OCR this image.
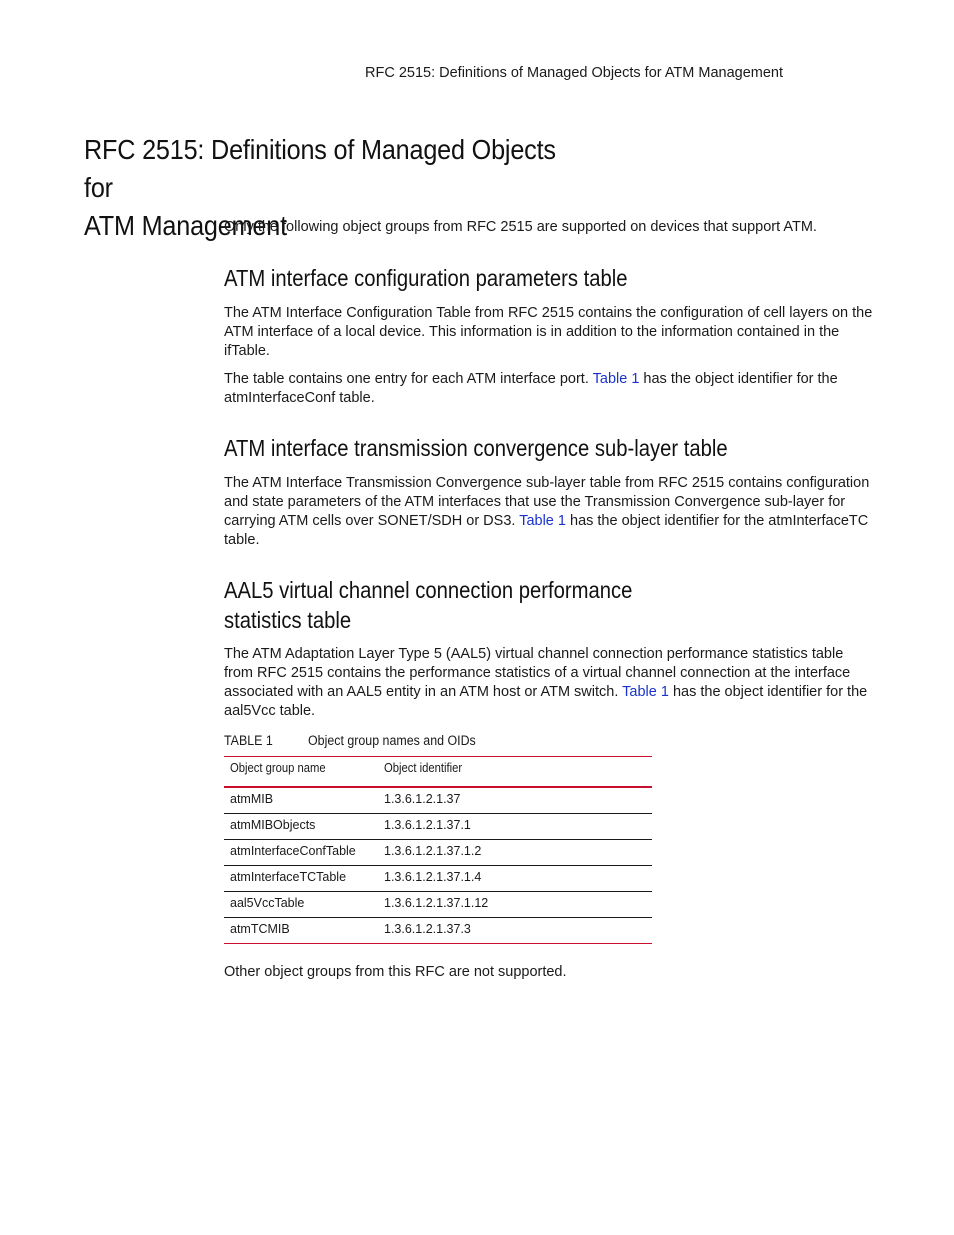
RFC 2515: Definitions of Managed Objects for ATM Management
RFC 2515: Definitions of Managed Objects for
ATM Management

Only the following object groups from RFC 2515 are supported on devices that support ATM.

ATM interface configuration parameters table

The ATM Interface Configuration Table from RFC 2515 contains the configuration of cell layers on the ATM interface of a local device. This information is in addition to the information contained in the ifTable.

The table contains one entry for each ATM interface port. Table 1 has the object identifier for the atmInterfaceConf table.

ATM interface transmission convergence sub-layer table

The ATM Interface Transmission Convergence sub-layer table from RFC 2515 contains configuration and state parameters of the ATM interfaces that use the Transmission Convergence sub-layer for carrying ATM cells over SONET/SDH or DS3. Table 1 has the object identifier for the atmInterfaceTC table.

AAL5 virtual channel connection performance
statistics table

The ATM Adaptation Layer Type 5 (AAL5) virtual channel connection performance statistics table from RFC 2515 contains the performance statistics of a virtual channel connection at the interface associated with an AAL5 entity in an ATM host or ATM switch. Table 1 has the object identifier for the aal5Vcc table.

TABLE 1	Object group names and OIDs
Object group name	Object identifier
atmMIB	1.3.6.1.2.1.37
atmMIBObjects	1.3.6.1.2.1.37.1
atmInterfaceConfTable 1.3.6.1.2.1.37.1.2
atmInterfaceTCTable	1.3.6.1.2.1.37.1.4
aal5VccTable	1.3.6.1.2.1.37.1.12
atmTCMIB	1.3.6.1.2.1.37.3

Other object groups from this RFC are not supported.
